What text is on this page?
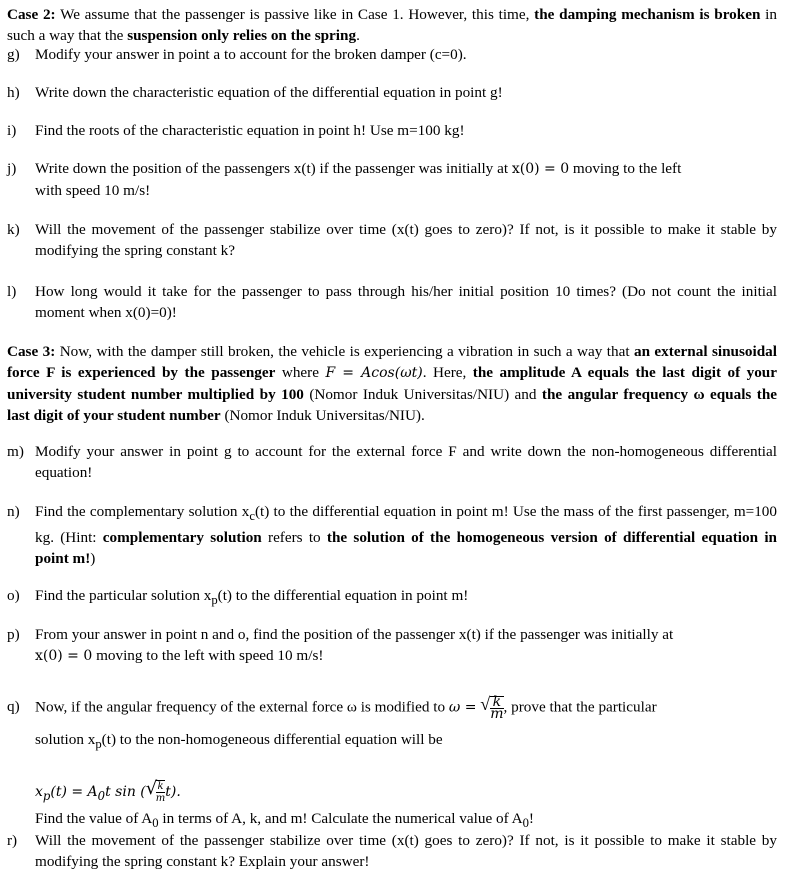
Case 2: We assume that the passenger is passive like in Case 1. However, this time, the damping mechanism is broken in such a way that the suspension only relies on the spring.
g)	Modify your answer in point a to account for the broken damper (c=0).
h)	Write down the characteristic equation of the differential equation in point g!
i)	Find the roots of the characteristic equation in point h! Use m=100 kg!
j)	Write down the position of the passengers x(t) if the passenger was initially at x(0) = 0 moving to the left
with speed 10 m/s!
k)	Will the movement of the passenger stabilize over time (x(t) goes to zero)? If not, is it possible to make it stable by modifying the spring constant k?
l)	How long would it take for the passenger to pass through his/her initial position 10 times? (Do not count the initial moment when x(0)=0)!
Case 3: Now, with the damper still broken, the vehicle is experiencing a vibration in such a way that an external sinusoidal force F is experienced by the passenger where F = Acos(ωt). Here, the amplitude A equals the last digit of your university student number multiplied by 100 (Nomor Induk Universitas/NIU) and the angular frequency ω equals the last digit of your student number (Nomor Induk Universitas/NIU).
m) Modify your answer in point g to account for the external force F and write down the non-homogeneous differential equation!
n)	Find the complementary solution $x_c(t)$ to the differential equation in point m! Use the mass of the first passenger, m=100 kg. (Hint: complementary solution refers to the solution of the homogeneous version of differential equation in point m!)
o)	Find the particular solution $x_p(t)$ to the differential equation in point m!
p)	From your answer in point n and o, find the position of the passenger x(t) if the passenger was initially at
x(0) = 0 moving to the left with speed 10 m/s!
q)	Now, if the angular frequency of the external force ω is modified to ω = √ $\frac{k}{m}$ , prove that the particular
solution $x_p(t)$ to the non-homogeneous differential equation will be
$x_p(t) = A_0t$ sin ( √
$\frac{k}{m} t$).
Find the value of $A_0$ in terms of A, k, and m! Calculate the numerical value of $A_0$!
r)	Will the movement of the passenger stabilize over time (x(t) goes to zero)? If not, is it possible to make it stable by modifying the spring constant k? Explain your answer!
